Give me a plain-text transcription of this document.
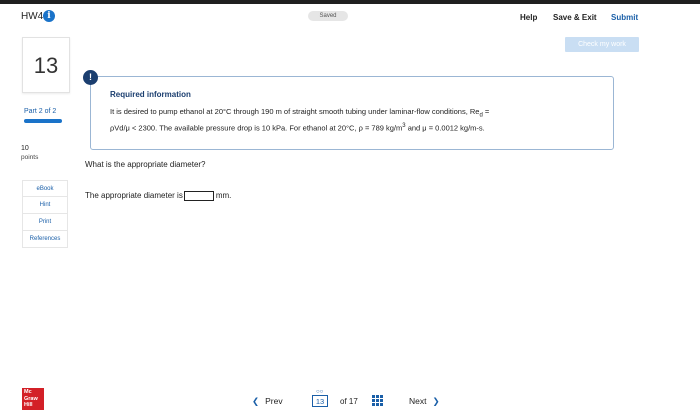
HW4 i	Saved	Help Save & Exit Submit
Check my work
13
Part 2 of 2
10
points
eBook
Hint
Print
References
!
Required information
It is desired to pump ethanol at 20°C through 190 m of straight smooth tubing under laminar-flow conditions, $Re_d$ =
ρVd/μ < 2300. The available pressure drop is 10 kPa. For ethanol at 20°C, ρ = 789 $kg/m^3$ and μ = 0.0012 kg/m-s.
What is the appropriate diameter?
The appropriate diameter is	mm.
Mc
Graw
Hill	❮ Prev
○○
13	of 17	Next ❯
